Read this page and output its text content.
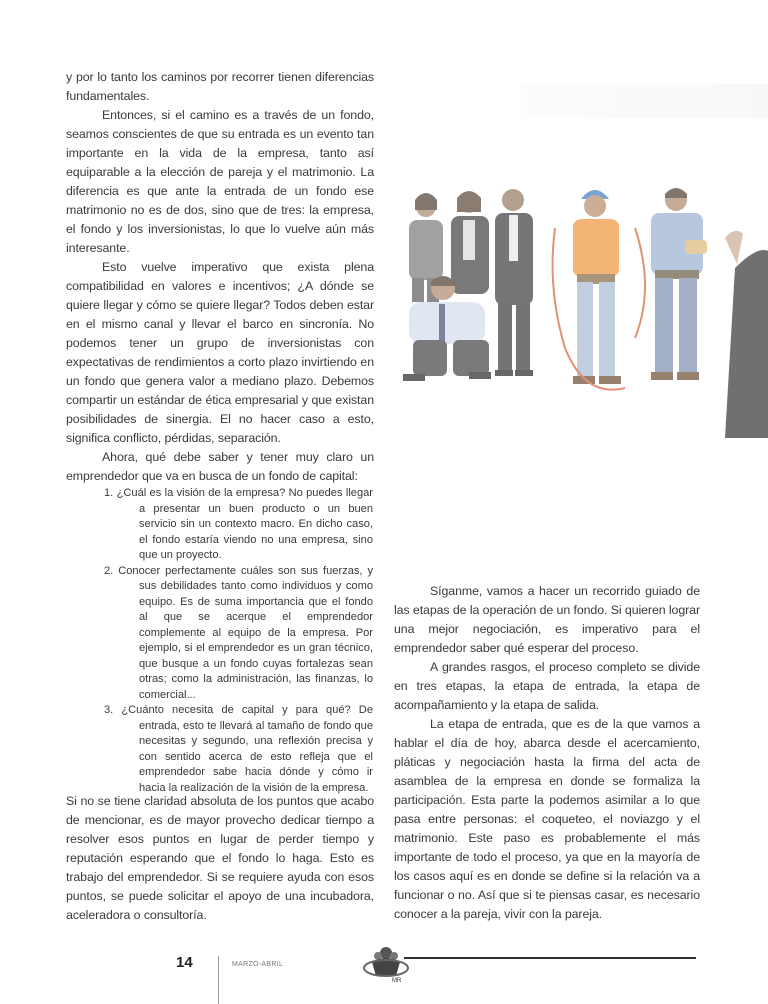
y por lo tanto los caminos por recorrer tienen diferencias fundamentales.

Entonces, si el camino es a través de un fondo, seamos conscientes de que su entrada es un evento tan importante en la vida de la empresa, tanto así equiparable a la elección de pareja y el matrimonio. La diferencia es que ante la entrada de un fondo ese matrimonio no es de dos, sino que de tres: la empresa, el fondo y los inversionistas, lo que lo vuelve aún más interesante.

Esto vuelve imperativo que exista plena compatibilidad en valores e incentivos; ¿A dónde se quiere llegar y cómo se quiere llegar? Todos deben estar en el mismo canal y llevar el barco en sincronía. No podemos tener un grupo de inversionistas con expectativas de rendimientos a corto plazo invirtiendo en un fondo que genera valor a mediano plazo. Debemos compartir un estándar de ética empresarial y que existan posibilidades de sinergia. El no hacer caso a esto, significa conflicto, pérdidas, separación.

Ahora, qué debe saber y tener muy claro un emprendedor que va en busca de un fondo de capital:

1. ¿Cuál es la visión de la empresa? No puedes llegar a presentar un buen producto o un buen servicio sin un contexto macro. En dicho caso, el fondo estaría viendo no una empresa, sino que un proyecto.
2. Conocer perfectamente cuáles son sus fuerzas, y sus debilidades tanto como individuos y como equipo. Es de suma importancia que el fondo al que se acerque el emprendedor complemente al equipo de la empresa. Por ejemplo, si el emprendedor es un gran técnico, que busque a un fondo cuyas fortalezas sean otras; como la administración, las finanzas, lo comercial...
3. ¿Cuánto necesita de capital y para qué? De entrada, esto te llevará al tamaño de fondo que necesitas y segundo, una reflexión precisa y con sentido acerca de esto refleja que el emprendedor sabe hacia dónde y cómo ir hacia la realización de la visión de la empresa.

Si no se tiene claridad absoluta de los puntos que acabo de mencionar, es de mayor provecho dedicar tiempo a resolver esos puntos en lugar de perder tiempo y reputación esperando que el fondo lo haga. Esto es trabajo del emprendedor. Si se requiere ayuda con esos puntos, se puede solicitar el apoyo de una incubadora, aceleradora o consultoría.

Síganme, vamos a hacer un recorrido guiado de las etapas de la operación de un fondo. Si quieren lograr una mejor negociación, es imperativo para el emprendedor saber qué esperar del proceso.

A grandes rasgos, el proceso completo se divide en tres etapas, la etapa de entrada, la etapa de acompañamiento y la etapa de salida.

La etapa de entrada, que es de la que vamos a hablar el día de hoy, abarca desde el acercamiento, pláticas y negociación hasta la firma del acta de asamblea de la empresa en donde se formaliza la participación. Esta parte la podemos asimilar a lo que pasa entre personas: el coqueteo, el noviazgo y el matrimonio. Este paso es probablemente el más importante de todo el proceso, ya que en la mayoría de los casos aquí es en donde se define si la relación va a funcionar o no. Así que si te piensas casar, es necesario conocer a la pareja, vivir con la pareja.

14	MARZO-ABRIL
MR
